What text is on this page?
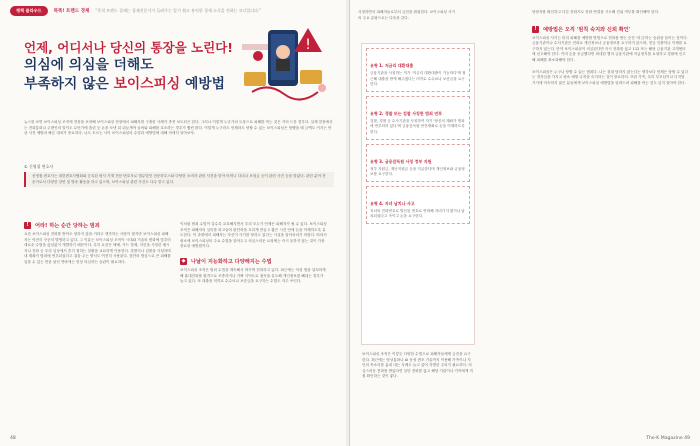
쟁책 클라우드	똑똑! 트렌드 경제 "목적 트렌드 경제는 경제전문가가 들려주는 알기 쉽고 유익한 경제 소식을 전하는 코너입니다."
언제, 어디서나 당신의 통장을 노린다!
의심에 의심을 더해도
부족하지 않은 보이스피싱 예방법
!
뉴스를 보면 보이스피싱 조직에 현장을 포착해 보이스피싱 현장에서 피해자를 구출한 사례가 종종 보도되곤 한다. 그러나 이렇게 누군가의 도움으로 피해를 막는 것은 거의 드문 경우다. 실제 현장에서는 전화통화나 주변인의 말이도 무언가에 홀린 듯 돈을 보낸 뒤 뒤늦게야 들어와 피해를 호소하는 경우가 훨씬 많다. 이렇게 누구라도 언제라도 당할 수 있는 보이스피싱은 당했을 때 금액도 커지는 만큼 사전 예방과 빠른 대처가 중요하다. 나도 모르는 사이 보이스피싱의 수법과 예방법에 대해 자세히 알아보자.
① 신영철 변호사
신영철 변호사는 대한변호사협회와 등록된 평사 기재 전문 변호사로 법무법인 천문하우스와 다양한 소비자 관련 사건을 맡아 어머니 다녀나 보험금 등이 관련 사건 등을 맡았다. 관련 분야 전문가로서 다양한 강연 및 방송 활동을 하고 있으며, 보이스피싱 관련 사건도 다수 맡고 있다.
!	어라! 하는 순간 당하는 범죄
요즘 보이스피싱 전화를 받아도 당하지 않을 거라고 생각하는 사람이 많지만 보이스피싱 피해자는 여전히 꾸준히 발생하고 있다. 그 이유는 보이스피싱 조직이 시대와 기술의 변화에 맞추어 새로운 수법을 끊임없이 개발하기 때문이다. 특히 요즘은 택배, 카드 결제, 지인을 사칭한 메시지나 전화 등 우리 일상에서 흔히 접하는 상황을 교묘하게 이용한다. 경찰이나 검찰을 사칭하며 내 계좌가 범죄에 연루되었다고 겁을 주는 방식도 여전히 사용된다. 잠깐의 방심으로 큰 피해를 입을 수 있는 만큼 낯선 연락에는 항상 의심하는 습관이 필요하다.
이처럼 범죄 수법이 갈수록 교묘해지면서 우리 모두가 언제든 피해자가 될 수 있다. 보이스피싱 조직은 피해자의 심리를 파고들어 판단력을 흐리게 만들고 짧은 시간 안에 돈을 이체하도록 유도한다. 이 과정에서 피해자는 자신이 사기를 당하고 있다는 사실을 알아차리기 어렵다. 따라서 평소에 보이스피싱의 주요 수법을 알아두고 의심스러운 요청에는 즉시 응하지 않는 것이 가장 중요한 예방법이다.
◆	나날이 지능화하고 다양해지는 수법
보이스피싱 조직은 범죄 수법을 계속해서 바꾸며 진화하고 있다. 최근에는 악성 앱을 설치하게 해 휴대전화를 원격으로 조종하거나 가짜 사이트로 접속을 유도해 개인정보를 빼내는 경우가 늘고 있다. 또 대출을 미끼로 수수료나 보증금을 요구하는 수법도 자주 쓰인다.
48
사칭하면서 피해자들로부터 금전을 편취한다. 보이스피싱 사기의 주요 유형으로는 다음과 같다.
유형 1. 저금리 대환대출
금융기관을 사칭하는 자가 '저금리 대환대출이 가능하다'며 접근해 대출을 받게 해주겠다는 미끼로 수수료나 보증금을 요구한다.
유형 2. 경찰 또는 검찰 사칭한 범죄 연루
검찰, 경찰 등 수사기관을 사칭하여 자기 '당신의 계좌가 범죄에 연루되어 있다'며 금융감독원 안전계좌로 돈을 이체하도록 한다.
유형 3. 금융감독원 사칭 정부 지원
정부 지원금, 재난지원금 등을 지급한다며 개인정보와 금융정보를 요구한다.
유형 4. 자녀 납치나 사고
자녀의 전화번호로 발신된 번호로 연락해 자녀가 다쳤거나 납치되었다고 속이고 돈을 요구한다.
보이스피싱 조직은 이렇듯 다양한 수법으로 피해자들에게 금전을 요구한다. 최근에는 영상통화나 AI 음성 변조 기술까지 이용해 가족이나 지인의 목소리를 흉내 내는 사례도 늘고 있어 각별한 주의가 필요하다. 의심스러운 전화를 받았다면 일단 전화를 끊고 해당 기관이나 가족에게 직접 확인하는 것이 좋다.
당당자를 확인하고 다른 전화기로 전화 연결을 시도해 진위 여부를 확인해야 한다.
!	예방법은 오직 '원칙 숙지와 신뢰 확인'
보이스피싱 사기는 미리 피해를 예방할 방법으로 전화를 받는 순간 '의심'하는 습관을 들이는 것이다. 금융기관이나 수사기관은 전화로 개인정보나 금융정보를 요구하지 않으며, 현금 인출이나 이체를 요구하지 않는다. 만약 보이스피싱이 의심된다면 즉시 전화를 끊고 112 또는 해당 금융기관 고객센터에 신고해야 한다. 이미 돈을 송금했다면 최대한 빨리 금융기관에 지급정지를 요청하고 경찰에 신고해 피해를 최소화해야 한다.
보이스피싱은 누구나 당할 수 있는 범죄다. 나는 절대 당하지 않는다는 생각보다 언제든 당할 수 있다는 경각심을 가지고 평소 예방 수칙을 숙지하는 것이 중요하다. 또한 가족, 특히 부모님이나 디지털 기기에 익숙하지 않은 분들에게 보이스피싱 예방법을 알려드려 피해를 막는 것도 잊지 말아야 한다.
The-K Magazine 49
